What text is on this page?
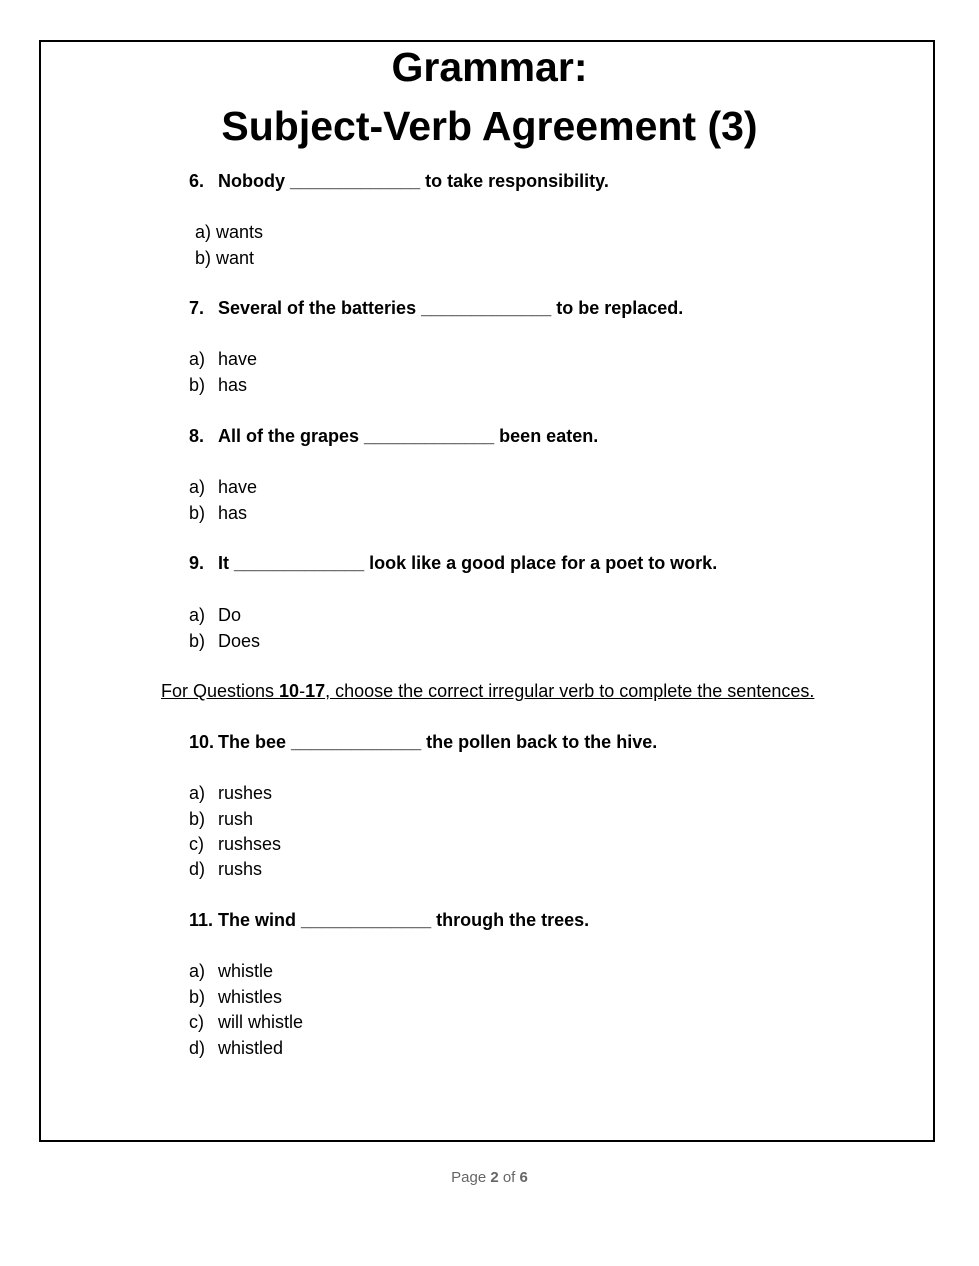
Grammar:
Subject-Verb Agreement (3)
6. Nobody _____________ to take responsibility.
a) wants
b) want
7. Several of the batteries _____________ to be replaced.
a) have
b) has
8. All of the grapes _____________ been eaten.
a) have
b) has
9. It _____________ look like a good place for a poet to work.
a) Do
b) Does
For Questions 10-17, choose the correct irregular verb to complete the sentences.
10. The bee _____________ the pollen back to the hive.
a) rushes
b) rush
c) rushses
d) rushs
11. The wind _____________ through the trees.
a) whistle
b) whistles
c) will whistle
d) whistled
Page 2 of 6
